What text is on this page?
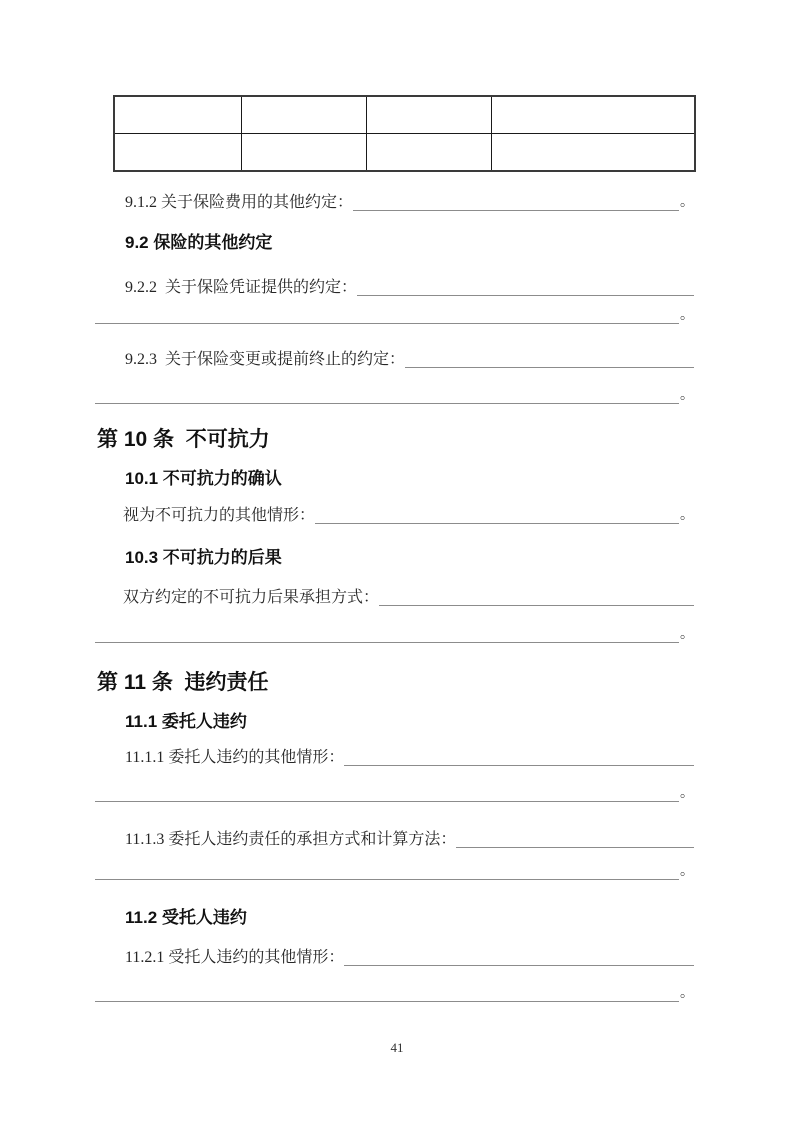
9.1.2 关于保险费用的其他约定：	。
9.2 保险的其他约定
9.2.2  关于保险凭证提供的约定：
。
9.2.3  关于保险变更或提前终止的约定：
。
第 10 条  不可抗力
10.1 不可抗力的确认
视为不可抗力的其他情形：	。
10.3 不可抗力的后果
双方约定的不可抗力后果承担方式：
。
第 11 条  违约责任
11.1 委托人违约
11.1.1 委托人违约的其他情形：
。
11.1.3 委托人违约责任的承担方式和计算方法：
。
11.2 受托人违约
11.2.1 受托人违约的其他情形：
。
41
